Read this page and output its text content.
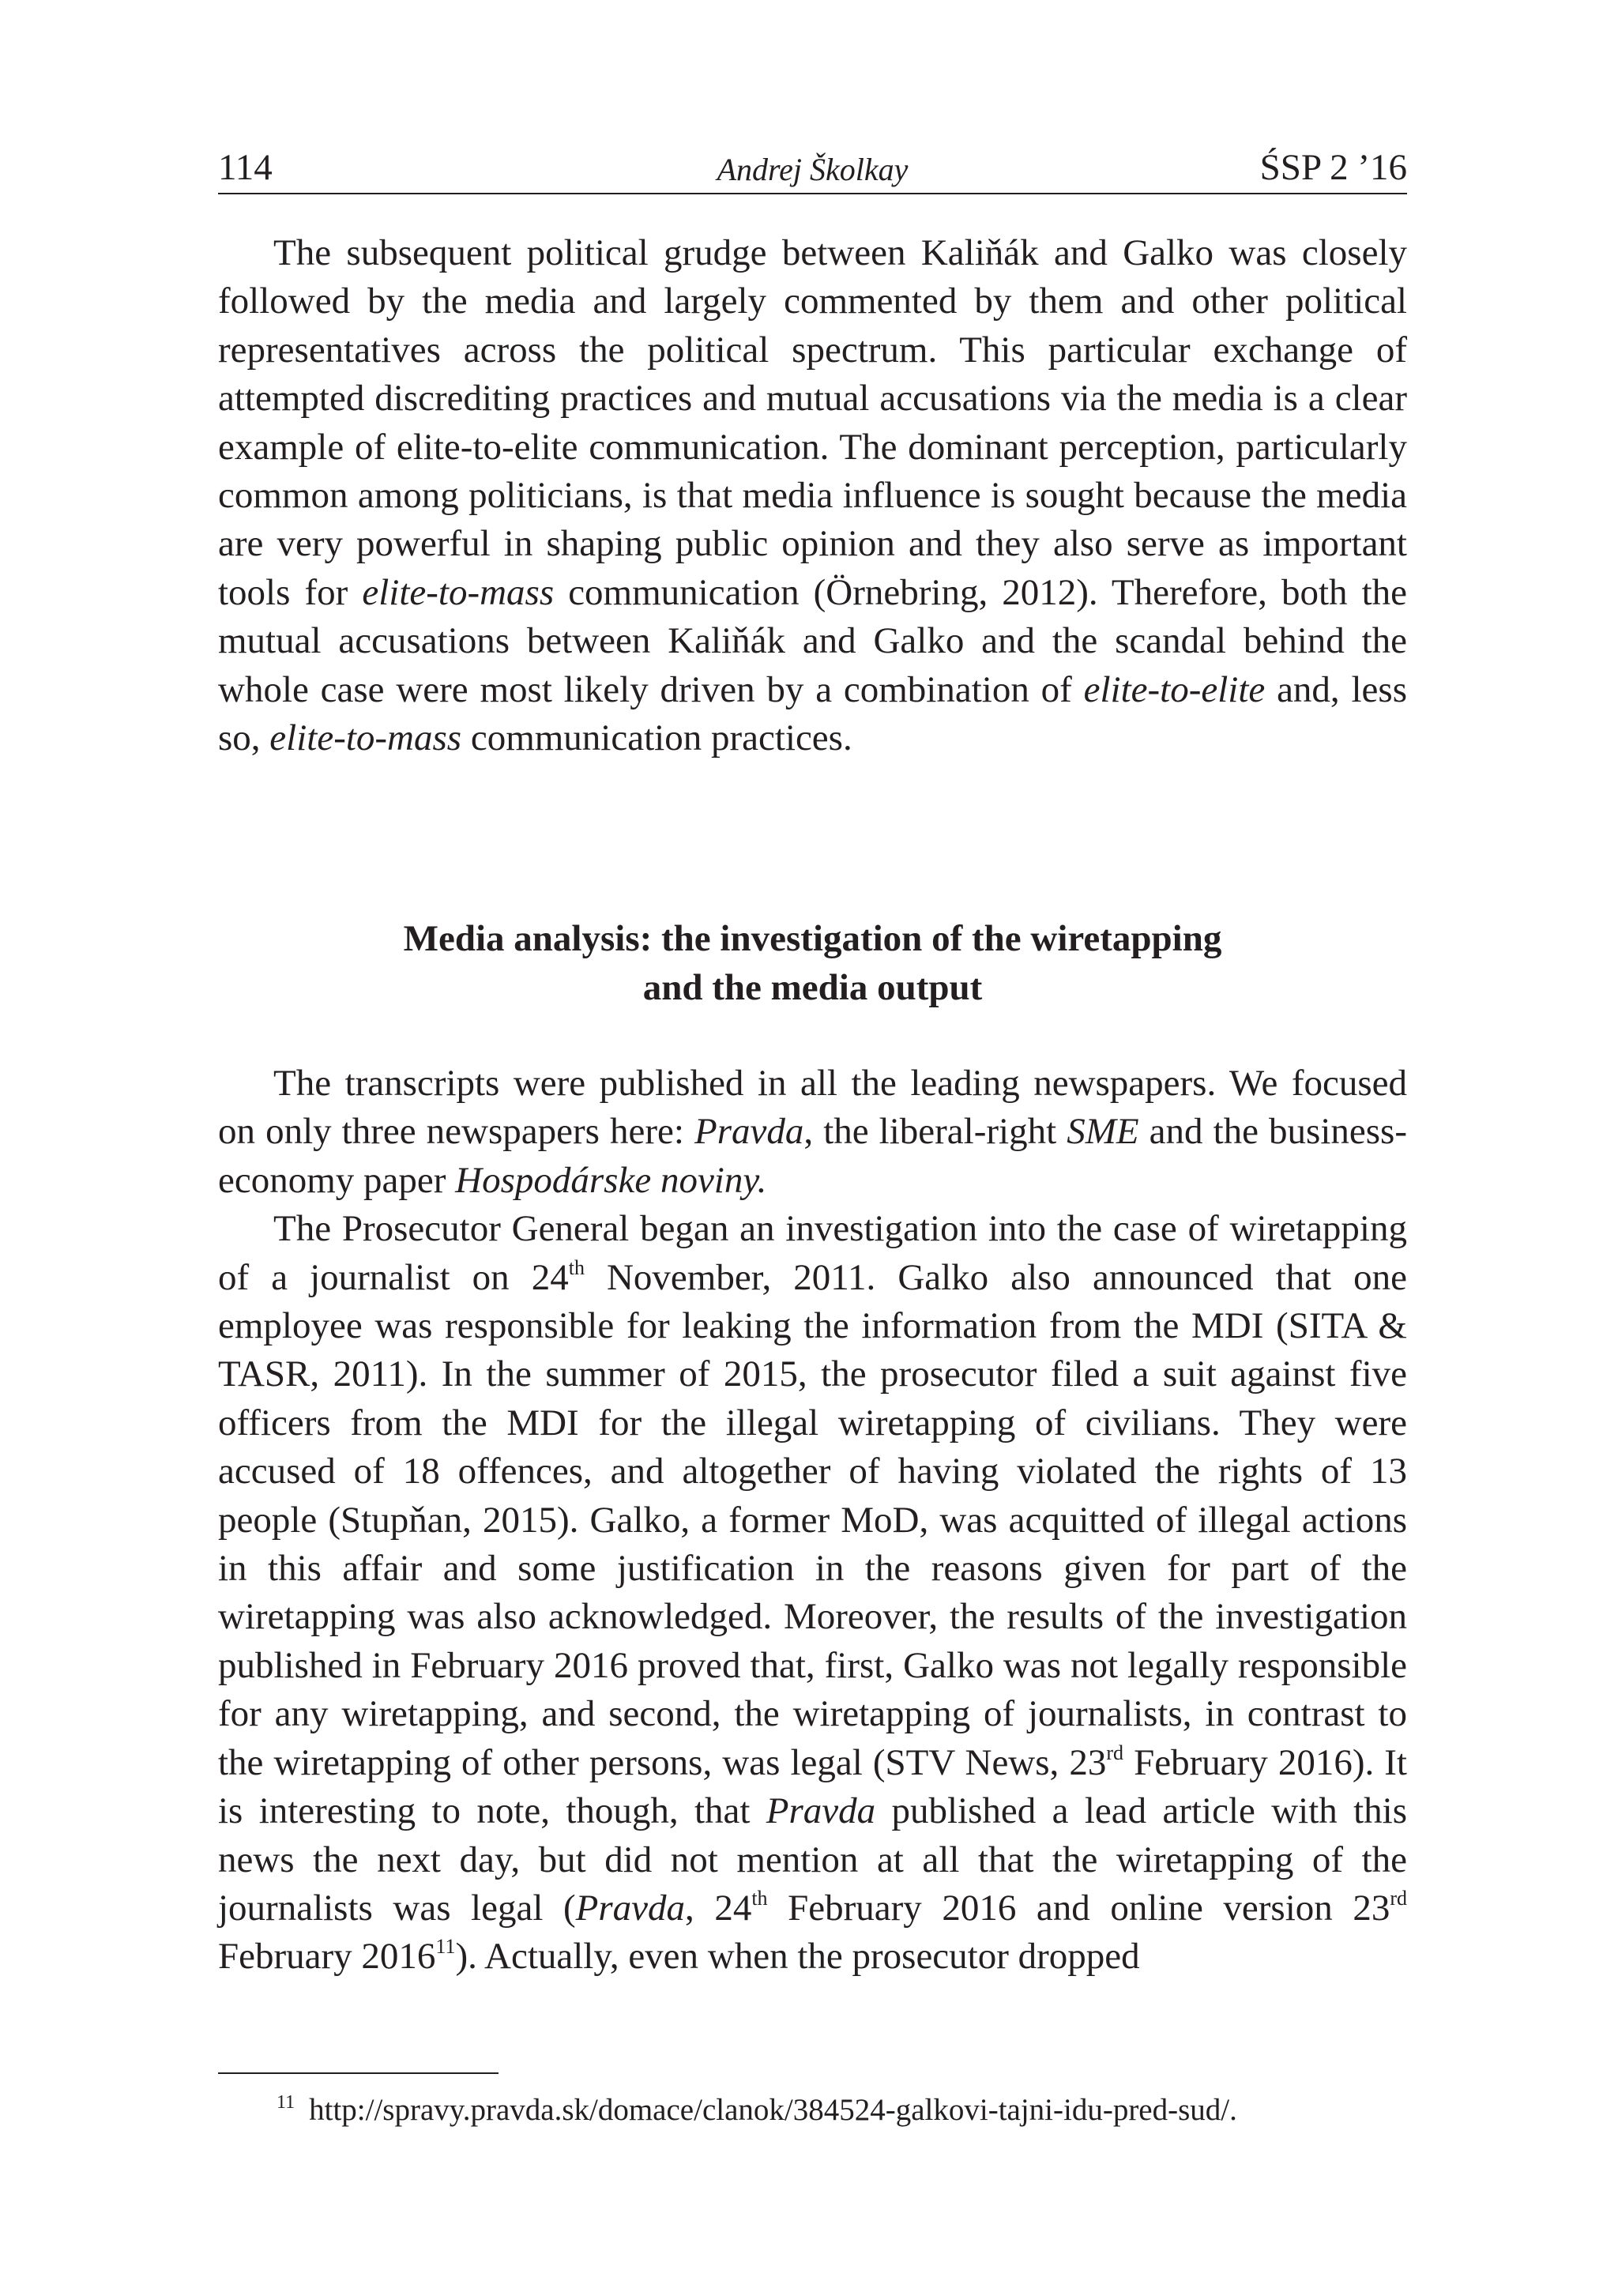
114	Andrej Školkay	ŚSP 2 ’16

The subsequent political grudge between Kaliňák and Galko was closely followed by the media and largely commented by them and other political representatives across the political spectrum. This particular exchange of attempted discrediting practices and mutual accusations via the media is a clear example of elite-to-elite communication. The dominant perception, particularly common among politicians, is that media influence is sought because the media are very powerful in shaping public opinion and they also serve as important tools for elite-to-mass communication (Örnebring, 2012). Therefore, both the mutual accusations between Kaliňák and Galko and the scandal behind the whole case were most likely driven by a combination of elite-to-elite and, less so, elite-to-mass communication practices.

Media analysis: the investigation of the wiretapping
and the media output

The transcripts were published in all the leading newspapers. We focused on only three newspapers here: Pravda, the liberal-right SME and the business-economy paper Hospodárske noviny.

The Prosecutor General began an investigation into the case of wiretapping of a journalist on 24th November, 2011. Galko also announced that one employee was responsible for leaking the information from the MDI (SITA & TASR, 2011). In the summer of 2015, the prosecutor filed a suit against five officers from the MDI for the illegal wiretapping of civilians. They were accused of 18 offences, and altogether of having violated the rights of 13 people (Stupňan, 2015). Galko, a former MoD, was acquitted of illegal actions in this affair and some justification in the reasons given for part of the wiretapping was also acknowledged. Moreover, the results of the investigation published in February 2016 proved that, first, Galko was not legally responsible for any wiretapping, and second, the wiretapping of journalists, in contrast to the wiretapping of other persons, was legal (STV News, 23rd February 2016). It is interesting to note, though, that Pravda published a lead article with this news the next day, but did not mention at all that the wiretapping of the journalists was legal (Pravda, 24th February 2016 and online version 23rd February 2016$^{11}$). Actually, even when the prosecutor dropped

$^{11}$ http://spravy.pravda.sk/domace/clanok/384524-galkovi-tajni-idu-pred-sud/.
